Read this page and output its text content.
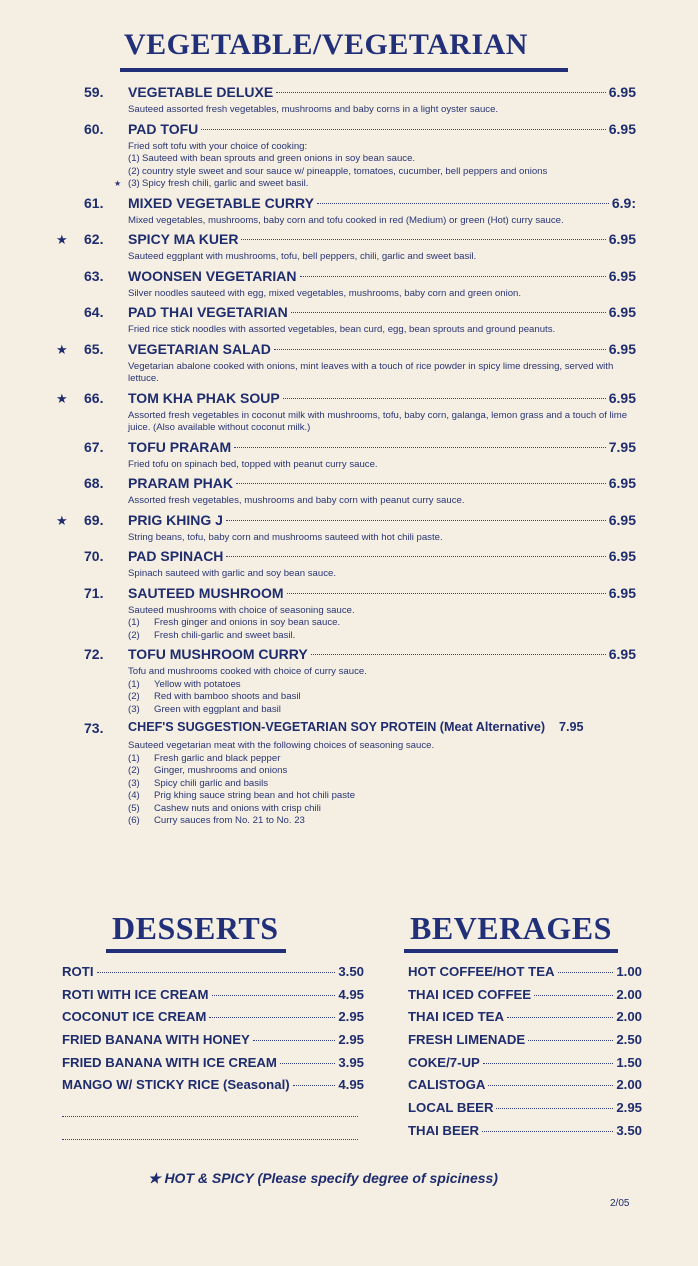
VEGETABLE/VEGETARIAN
59. VEGETABLE DELUXE	6.95
Sauteed assorted fresh vegetables, mushrooms and baby corns in a light oyster sauce.
60. PAD TOFU	6.95
Fried soft tofu with your choice of cooking:
(1) Sauteed with bean sprouts and green onions in soy bean sauce.
(2) country style sweet and sour sauce w/ pineapple, tomatoes, cucumber, bell peppers and onions
★ (3) Spicy fresh chili, garlic and sweet basil.
61. MIXED VEGETABLE CURRY	6.9:
Mixed vegetables, mushrooms, baby corn and tofu cooked in red (Medium) or green (Hot) curry sauce.
★ 62. SPICY MA KUER	6.95
Sauteed eggplant with mushrooms, tofu, bell peppers, chili, garlic and sweet basil.
63. WOONSEN VEGETARIAN	6.95
Silver noodles sauteed with egg, mixed vegetables, mushrooms, baby corn and green onion.
64. PAD THAI VEGETARIAN	6.95
Fried rice stick noodles with assorted vegetables, bean curd, egg, bean sprouts and ground peanuts.
★ 65. VEGETARIAN SALAD	6.95
Vegetarian abalone cooked with onions, mint leaves with a touch of rice powder in spicy lime dressing, served with lettuce.
★ 66. TOM KHA PHAK SOUP	6.95
Assorted fresh vegetables in coconut milk with mushrooms, tofu, baby corn, galanga, lemon grass and a touch of lime juice. (Also available without coconut milk.)
67. TOFU PRARAM	7.95
Fried tofu on spinach bed, topped with peanut curry sauce.
68. PRARAM PHAK	6.95
Assorted fresh vegetables, mushrooms and baby corn with peanut curry sauce.
★ 69. PRIG KHING J	6.95
String beans, tofu, baby corn and mushrooms sauteed with hot chili paste.
70. PAD SPINACH	6.95
Spinach sauteed with garlic and soy bean sauce.
71. SAUTEED MUSHROOM	6.95
Sauteed mushrooms with choice of seasoning sauce.
(1)	Fresh ginger and onions in soy bean sauce.
(2)	Fresh chili-garlic and sweet basil.
72. TOFU MUSHROOM CURRY	6.95
Tofu and mushrooms cooked with choice of curry sauce.
(1)	Yellow with potatoes
(2)	Red with bamboo shoots and basil
(3)	Green with eggplant and basil
73. CHEF'S SUGGESTION-VEGETARIAN SOY PROTEIN (Meat Alternative) 7.95
Sauteed vegetarian meat with the following choices of seasoning sauce.
(1)	Fresh garlic and black pepper
(2)	Ginger, mushrooms and onions
(3)	Spicy chili garlic and basils
(4)	Prig khing sauce string bean and hot chili paste
(5)	Cashew nuts and onions with crisp chili
(6)	Curry sauces from No. 21 to No. 23
DESSERTS	BEVERAGES
ROTI	3.50
ROTI WITH ICE CREAM	4.95
COCONUT ICE CREAM	2.95
FRIED BANANA WITH HONEY	2.95
FRIED BANANA WITH ICE CREAM	3.95
MANGO W/ STICKY RICE (Seasonal)	4.95
HOT COFFEE/HOT TEA	1.00
THAI ICED COFFEE	2.00
THAI ICED TEA	2.00
FRESH LIMENADE	2.50
COKE/7-UP	1.50
CALISTOGA	2.00
LOCAL BEER	2.95
THAI BEER	3.50
★ HOT & SPICY (Please specify degree of spiciness)
2/05
